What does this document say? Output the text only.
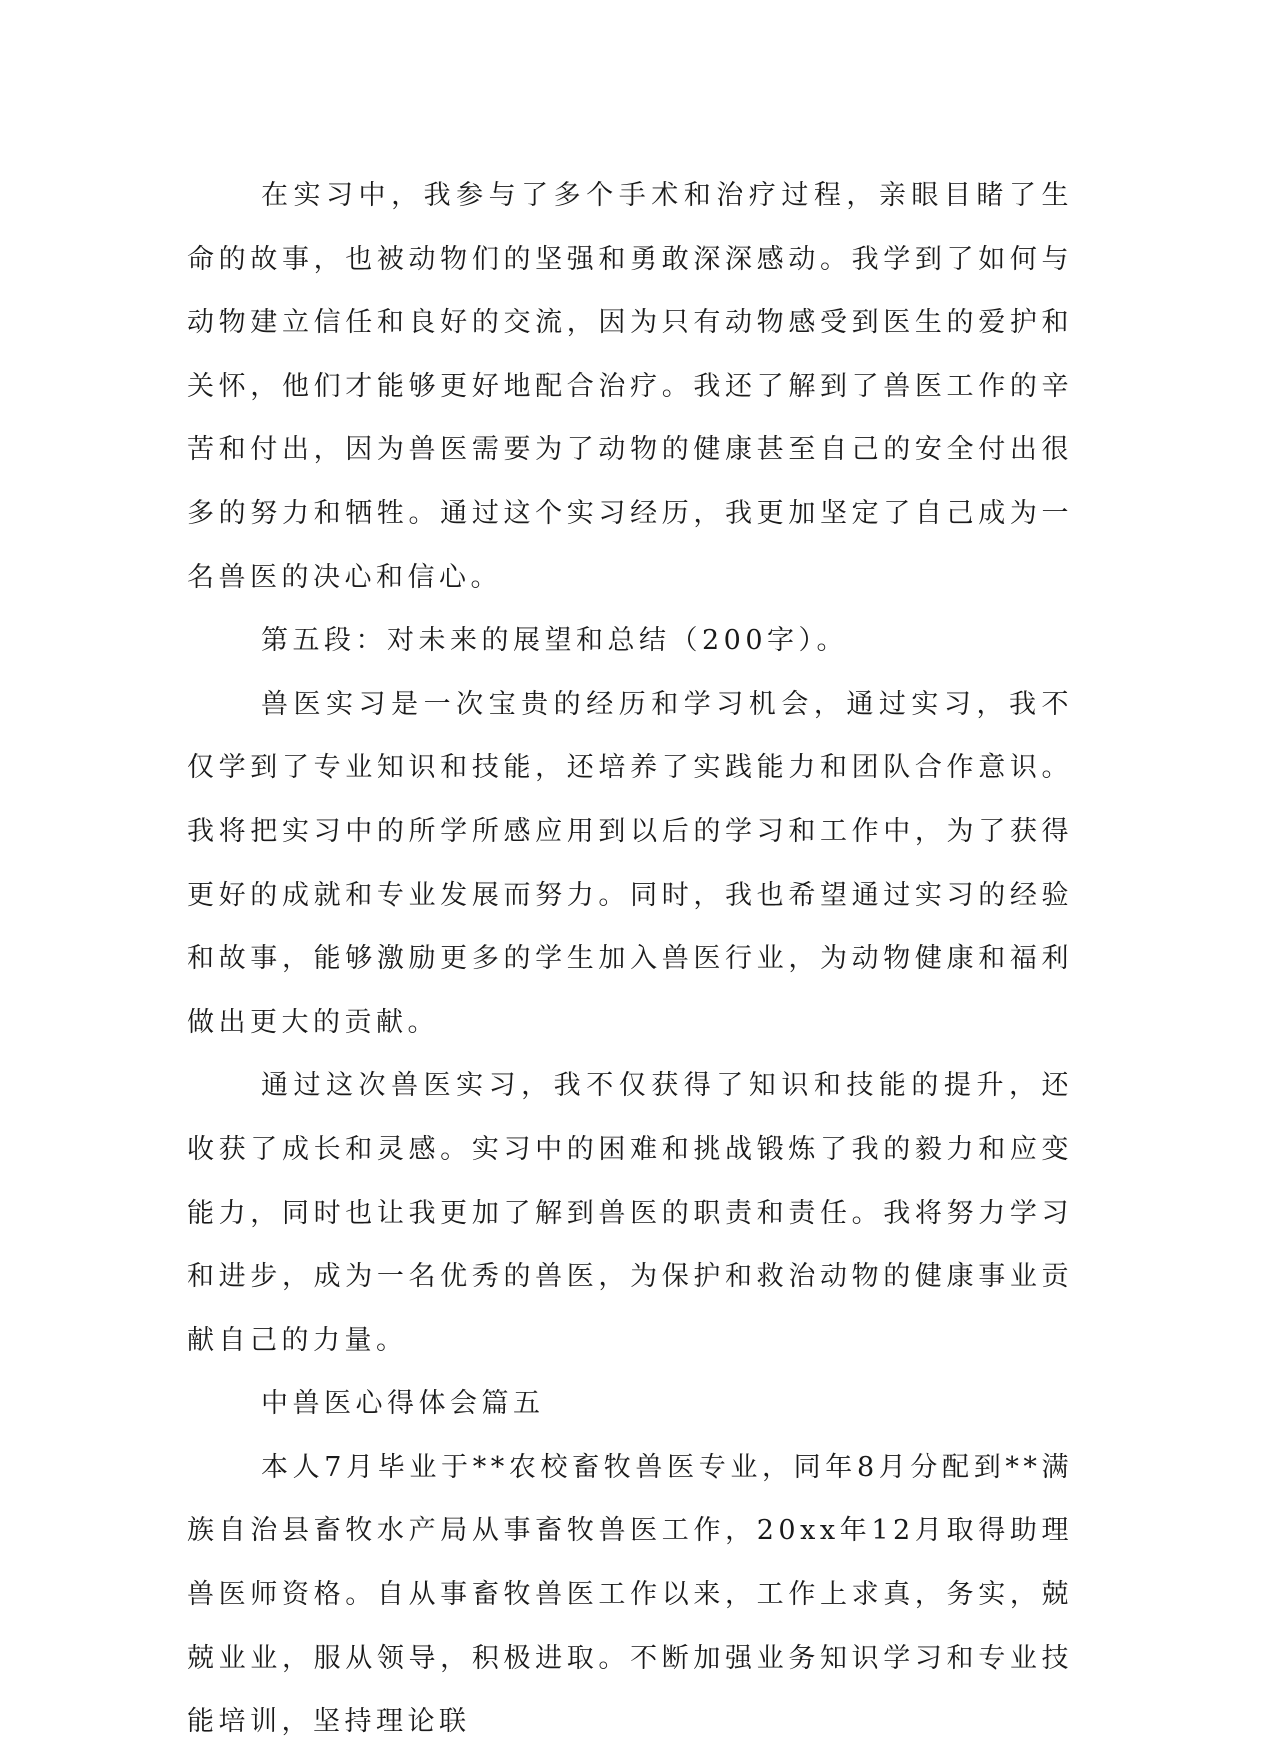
在实习中，我参与了多个手术和治疗过程，亲眼目睹了生命的故事，也被动物们的坚强和勇敢深深感动。我学到了如何与动物建立信任和良好的交流，因为只有动物感受到医生的爱护和关怀，他们才能够更好地配合治疗。我还了解到了兽医工作的辛苦和付出，因为兽医需要为了动物的健康甚至自己的安全付出很多的努力和牺牲。通过这个实习经历，我更加坚定了自己成为一名兽医的决心和信心。

第五段：对未来的展望和总结（200字）。

兽医实习是一次宝贵的经历和学习机会，通过实习，我不仅学到了专业知识和技能，还培养了实践能力和团队合作意识。我将把实习中的所学所感应用到以后的学习和工作中，为了获得更好的成就和专业发展而努力。同时，我也希望通过实习的经验和故事，能够激励更多的学生加入兽医行业，为动物健康和福利做出更大的贡献。

通过这次兽医实习，我不仅获得了知识和技能的提升，还收获了成长和灵感。实习中的困难和挑战锻炼了我的毅力和应变能力，同时也让我更加了解到兽医的职责和责任。我将努力学习和进步，成为一名优秀的兽医，为保护和救治动物的健康事业贡献自己的力量。

中兽医心得体会篇五

本人7月毕业于**农校畜牧兽医专业，同年8月分配到**满族自治县畜牧水产局从事畜牧兽医工作，20xx年12月取得助理兽医师资格。自从事畜牧兽医工作以来，工作上求真，务实，兢兢业业，服从领导，积极进取。不断加强业务知识学习和专业技能培训，坚持理论联
